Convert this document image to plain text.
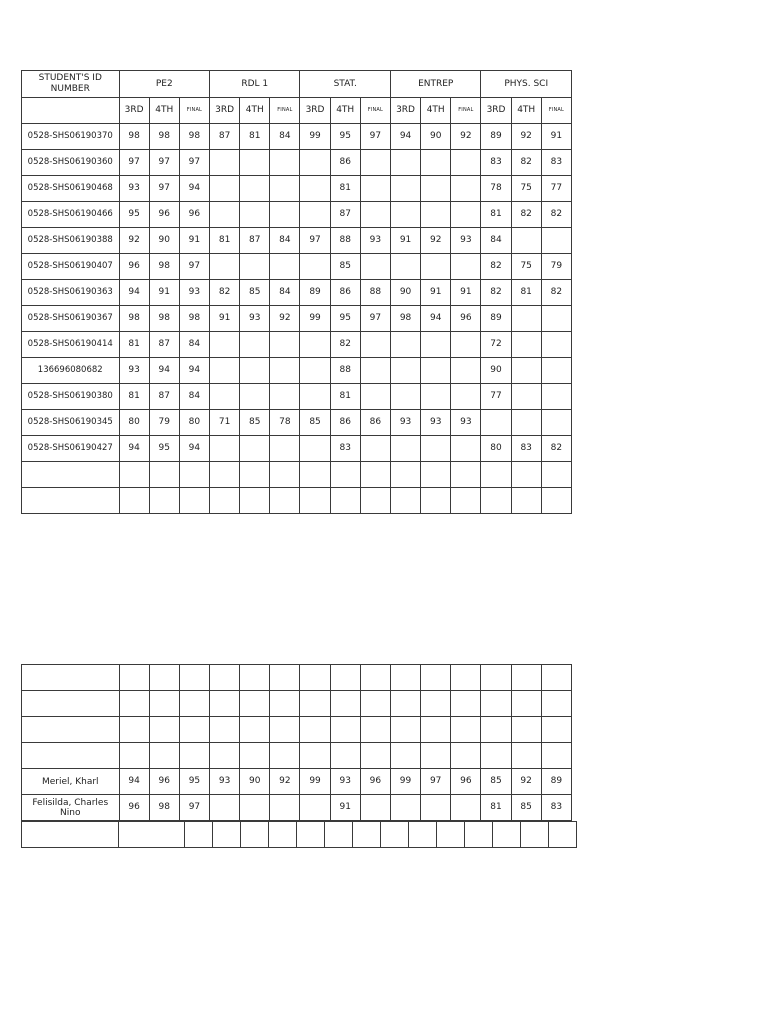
STUDENT'S ID NUMBER	PE2			RDL 1			STAT.			ENTREP			PHYS. SCI		
	3RD	4TH	FINAL	3RD	4TH	FINAL	3RD	4TH	FINAL	3RD	4TH	FINAL	3RD	4TH	FINAL
0528-SHS06190370	98	98	98	87	81	84	99	95	97	94	90	92	89	92	91
0528-SHS06190360	97	97	97					86					83	82	83
0528-SHS06190468	93	97	94					81					78	75	77
0528-SHS06190466	95	96	96					87					81	82	82
0528-SHS06190388	92	90	91	81	87	84	97	88	93	91	92	93	84		
0528-SHS06190407	96	98	97					85					82	75	79
0528-SHS06190363	94	91	93	82	85	84	89	86	88	90	91	91	82	81	82
0528-SHS06190367	98	98	98	91	93	92	99	95	97	98	94	96	89		
0528-SHS06190414	81	87	84					82					72		
136696080682	93	94	94					88					90		
0528-SHS06190380	81	87	84					81					77		
0528-SHS06190345	80	79	80	71	85	78	85	86	86	93	93	93			
0528-SHS06190427	94	95	94					83					80	83	82

Meriel, Kharl	94	96	95	93	90	92	99	93	96	99	97	96	85	92	89
Felisilda, Charles Nino	96	98	97					91					81	85	83
